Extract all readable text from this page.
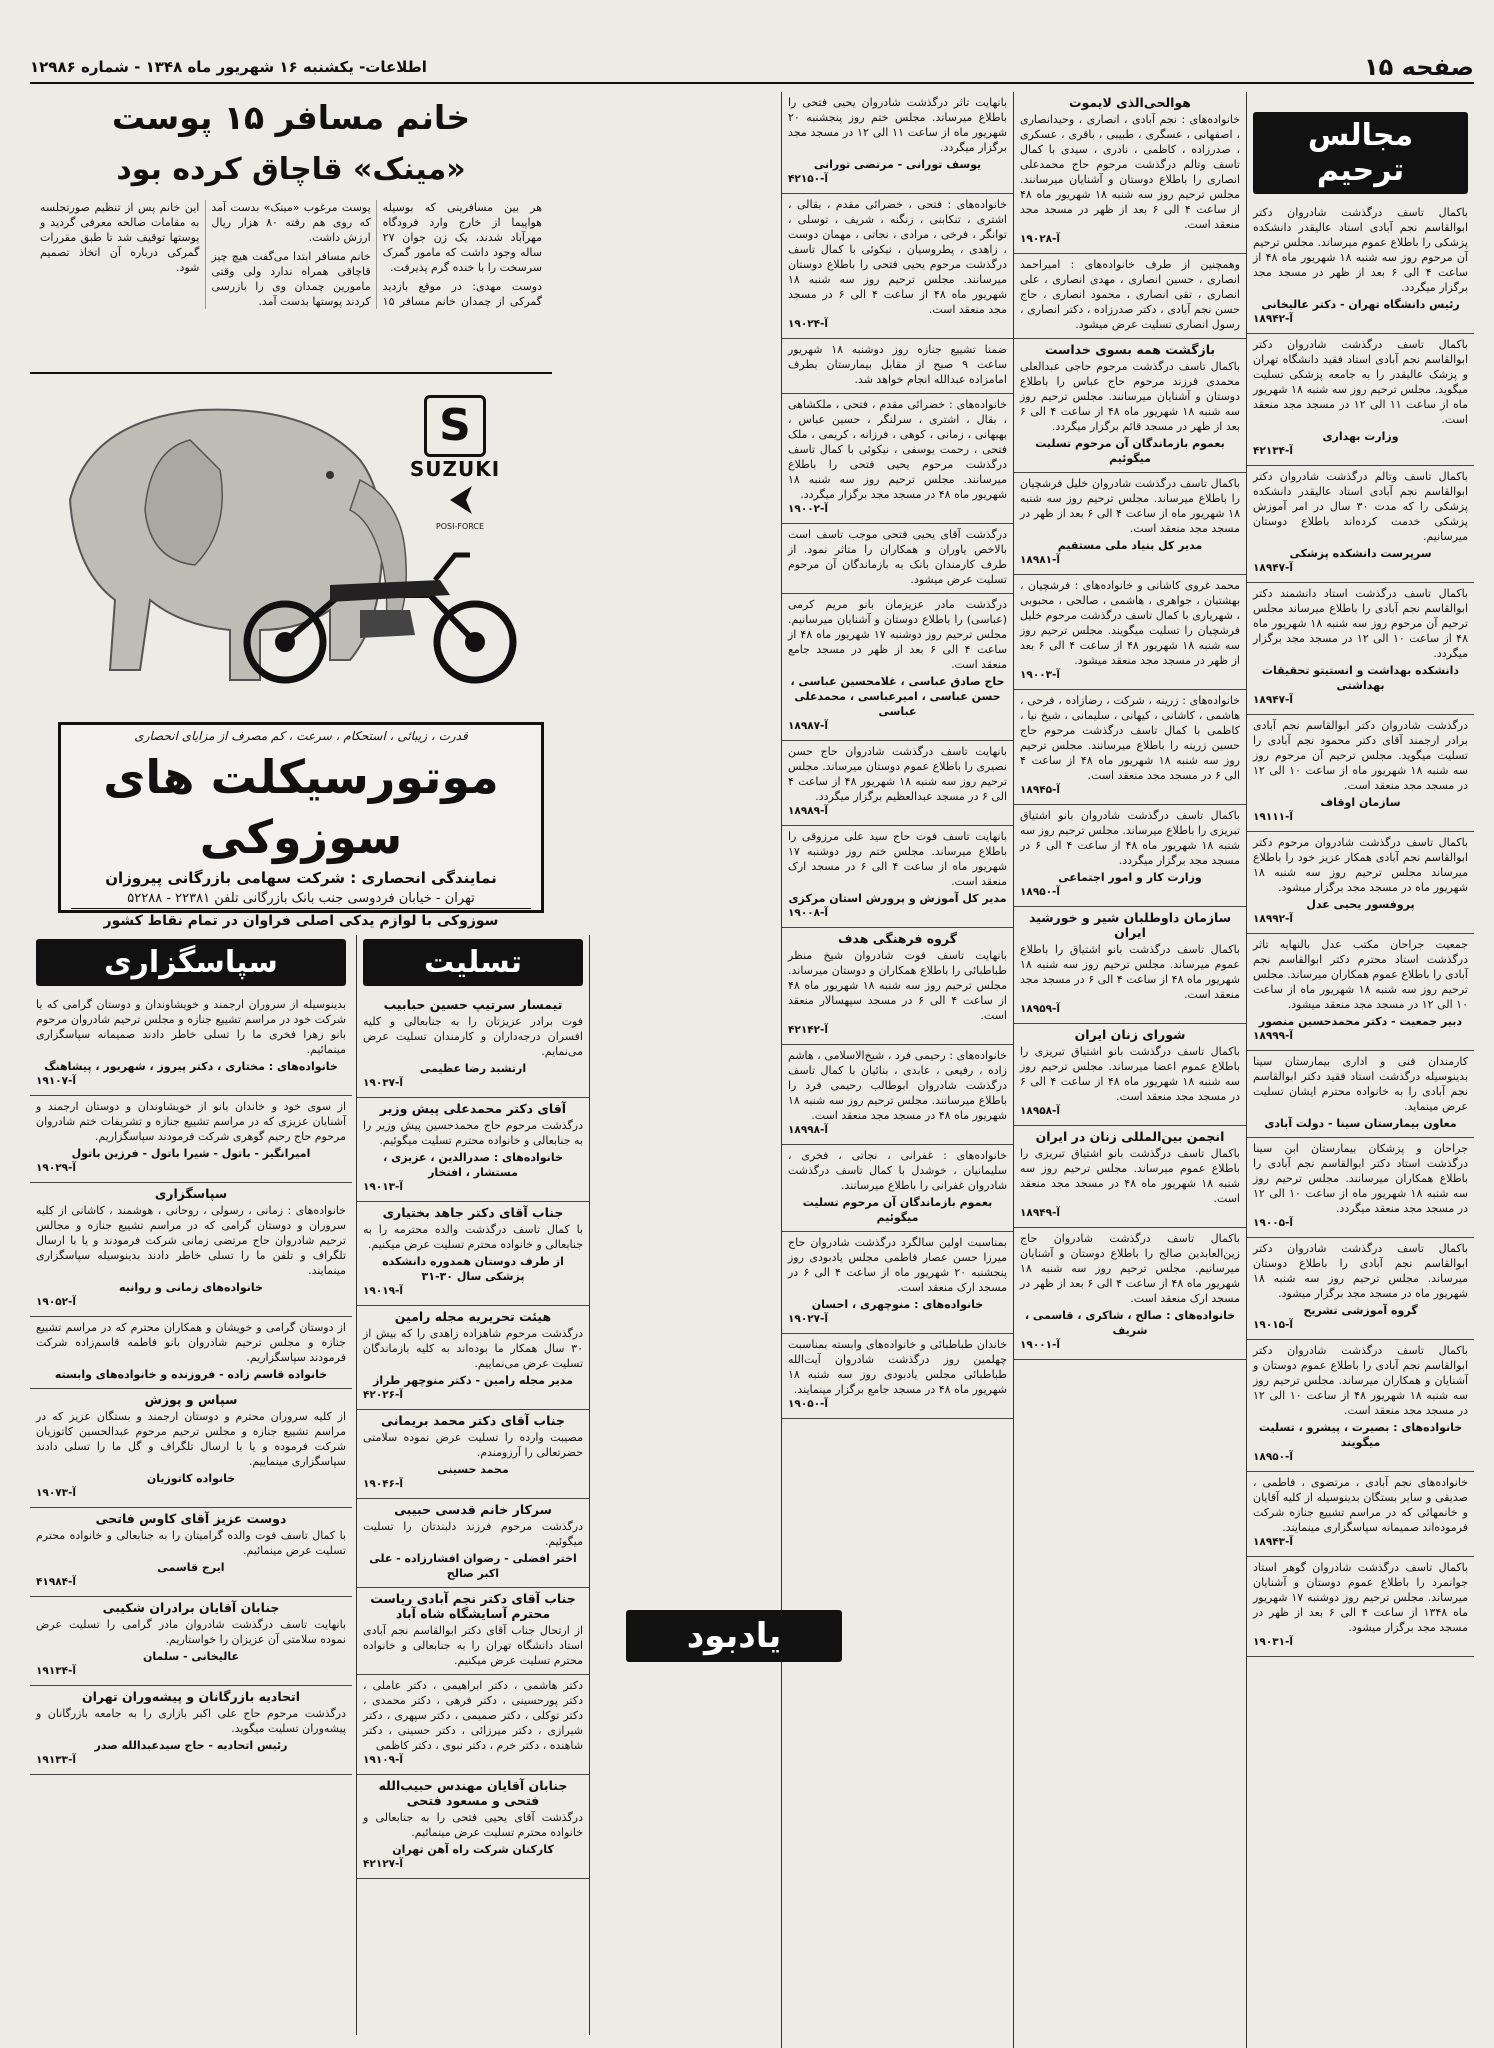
صفحه ۱۵
اطلاعات- یکشنبه ۱۶ شهریور ماه ۱۳۴۸ - شماره ۱۲۹۸۶
مجالس ترحیم
باکمال تاسف درگذشت شادروان دکتر ابوالقاسم نجم آبادی استاد عالیقدر دانشکده پزشکی را باطلاع عموم میرساند. مجلس ترحیم آن مرحوم روز سه شنبه ۱۸ شهریور ماه ۴۸ از ساعت ۴ الی ۶ بعد از ظهر در مسجد مجد برگزار میگردد.
رئیس دانشگاه تهران - دکتر عالیخانی
آ-۱۸۹۴۲
باکمال تاسف درگذشت شادروان دکتر ابوالقاسم نجم آبادی استاد فقید دانشگاه تهران و پزشک عالیقدر را به جامعه پزشکی تسلیت میگوید. مجلس ترحیم روز سه شنبه ۱۸ شهریور ماه از ساعت ۱۱ الی ۱۲ در مسجد مجد منعقد است.
وزارت بهداری
آ-۴۲۱۳۴
باکمال تاسف وتالم درگذشت شادروان دکتر ابوالقاسم نجم آبادی استاد عالیقدر دانشکده پزشکی را که مدت ۳۰ سال در امر آموزش پزشکی خدمت کرده‌اند باطلاع دوستان میرسانیم.
سرپرست دانشکده پزشکی
آ-۱۸۹۴۷
باکمال تاسف درگذشت استاد دانشمند دکتر ابوالقاسم نجم آبادی را باطلاع میرساند مجلس ترحیم آن مرحوم روز سه شنبه ۱۸ شهریور ماه ۴۸ از ساعت ۱۰ الی ۱۲ در مسجد مجد برگزار میگردد.
دانشکده بهداشت و انستیتو تحقیقات بهداشتی
آ-۱۸۹۴۷
درگذشت شادروان دکتر ابوالقاسم نجم آبادی برادر ارجمند آقای دکتر محمود نجم آبادی را تسلیت میگوید. مجلس ترحیم آن مرحوم روز سه شنبه ۱۸ شهریور ماه از ساعت ۱۰ الی ۱۲ در مسجد مجد منعقد است.
سازمان اوقاف
آ-۱۹۱۱۱
باکمال تاسف درگذشت شادروان مرحوم دکتر ابوالقاسم نجم آبادی همکار عزیز خود را باطلاع میرساند مجلس ترحیم روز سه شنبه ۱۸ شهریور ماه در مسجد مجد برگزار میشود.
پروفسور یحیی عدل
آ-۱۸۹۹۲
جمعیت جراحان مکتب عدل بالنهایه تاثر درگذشت استاد محترم دکتر ابوالقاسم نجم آبادی را باطلاع عموم همکاران میرساند. مجلس ترحیم روز سه شنبه ۱۸ شهریور ماه از ساعت ۱۰ الی ۱۲ در مسجد مجد منعقد میشود.
دبیر جمعیت - دکتر محمدحسین منصور
آ-۱۸۹۹۹
کارمندان فنی و اداری بیمارستان سینا بدینوسیله درگذشت استاد فقید دکتر ابوالقاسم نجم آبادی را به خانواده محترم ایشان تسلیت عرض مینماید.
معاون بیمارستان سینا - دولت آبادی
جراحان و پزشکان بیمارستان ابن سینا درگذشت استاد دکتر ابوالقاسم نجم آبادی را باطلاع همکاران میرسانند. مجلس ترحیم روز سه شنبه ۱۸ شهریور ماه از ساعت ۱۰ الی ۱۲ در مسجد مجد منعقد میگردد.
آ-۱۹۰۰۵
باکمال تاسف درگذشت شادروان دکتر ابوالقاسم نجم آبادی را باطلاع دوستان میرساند. مجلس ترحیم روز سه شنبه ۱۸ شهریور ماه در مسجد مجد برگزار میشود.
گروه آموزشی تشریح
آ-۱۹۰۱۵
باکمال تاسف درگذشت شادروان دکتر ابوالقاسم نجم آبادی را باطلاع عموم دوستان و آشنایان و همکاران میرساند. مجلس ترحیم روز سه شنبه ۱۸ شهریور ۴۸ از ساعت ۱۰ الی ۱۲ در مسجد مجد منعقد است.
خانواده‌های : بصیرت ، پیشرو ، تسلیت میگویند
آ-۱۸۹۵۰
خانواده‌های نجم آبادی ، مرتضوی ، فاطمی ، صدیقی و سایر بستگان بدینوسیله از کلیه آقایان و خانمهائی که در مراسم تشییع جنازه شرکت فرموده‌اند صمیمانه سپاسگزاری مینمایند.
آ-۱۸۹۴۳
باکمال تاسف درگذشت شادروان گوهر استاد جوانمرد را باطلاع عموم دوستان و آشنایان میرساند. مجلس ترحیم روز دوشنبه ۱۷ شهریور ماه ۱۳۴۸ از ساعت ۴ الی ۶ بعد از ظهر در مسجد مجد برگزار میشود.
آ-۱۹۰۳۱
هوالحی‌الذی لایموت
خانواده‌های : نجم آبادی ، انصاری ، وحیدانصاری ، اصفهانی ، عسگری ، طبیبی ، باقری ، عسکری ، صدرزاده ، کاظمی ، نادری ، سیدی با کمال تاسف وتالم درگذشت مرحوم حاج محمدعلی انصاری را باطلاع دوستان و آشنایان میرسانند. مجلس ترحیم روز سه شنبه ۱۸ شهریور ماه ۴۸ از ساعت ۴ الی ۶ بعد از ظهر در مسجد مجد منعقد است.
آ-۱۹۰۲۸
وهمچنین از طرف خانواده‌های : امیراحمد انصاری ، حسین انصاری ، مهدی انصاری ، علی انصاری ، تقی انصاری ، محمود انصاری ، حاج حسن نجم آبادی ، دکتر صدرزاده ، دکتر انصاری ، رسول انصاری تسلیت عرض میشود.
بازگشت همه بسوی خداست
باکمال تاسف درگذشت مرحوم حاجی عبدالعلی محمدی فرزند مرحوم حاج عباس را باطلاع دوستان و آشنایان میرسانند. مجلس ترحیم روز سه شنبه ۱۸ شهریور ماه ۴۸ از ساعت ۴ الی ۶ بعد از ظهر در مسجد قائم برگزار میگردد.
بعموم بازماندگان آن مرحوم تسلیت میگوئیم
باکمال تاسف درگذشت شادروان خلیل فرشچیان را باطلاع میرساند. مجلس ترحیم روز سه شنبه ۱۸ شهریور ماه از ساعت ۴ الی ۶ بعد از ظهر در مسجد مجد منعقد است.
مدیر کل بنیاد ملی مستقیم
آ-۱۸۹۸۱
محمد غروی کاشانی و خانواده‌های : فرشچیان ، بهشتیان ، جواهری ، هاشمی ، صالحی ، محبوبی ، شهریاری با کمال تاسف درگذشت مرحوم خلیل فرشچیان را تسلیت میگویند. مجلس ترحیم روز سه شنبه ۱۸ شهریور ۴۸ از ساعت ۴ الی ۶ بعد از ظهر در مسجد مجد منعقد میشود.
آ-۱۹۰۰۳
خانواده‌های : زرینه ، شرکت ، رضازاده ، فرحی ، هاشمی ، کاشانی ، کیهانی ، سلیمانی ، شیخ نیا ، کاظمی با کمال تاسف درگذشت مرحوم حاج حسین زرینه را باطلاع میرسانند. مجلس ترحیم روز سه شنبه ۱۸ شهریور ماه ۴۸ از ساعت ۴ الی ۶ در مسجد مجد منعقد است.
آ-۱۸۹۴۵
باکمال تاسف درگذشت شادروان بانو اشتیاق تبریزی را باطلاع میرساند. مجلس ترحیم روز سه شنبه ۱۸ شهریور ماه ۴۸ از ساعت ۴ الی ۶ در مسجد مجد برگزار میگردد.
وزارت کار و امور اجتماعی
آ-۱۸۹۵۰
سازمان داوطلبان شیر و خورشید ایران
باکمال تاسف درگذشت بانو اشتیاق را باطلاع عموم میرساند. مجلس ترحیم روز سه شنبه ۱۸ شهریور ماه ۴۸ از ساعت ۴ الی ۶ در مسجد مجد منعقد است.
آ-۱۸۹۵۹
شورای زنان ایران
باکمال تاسف درگذشت بانو اشتیاق تبریزی را باطلاع عموم اعضا میرساند. مجلس ترحیم روز سه شنبه ۱۸ شهریور ماه ۴۸ از ساعت ۴ الی ۶ در مسجد مجد منعقد است.
آ-۱۸۹۵۸
انجمن بین‌المللی زنان در ایران
باکمال تاسف درگذشت بانو اشتیاق تبریزی را باطلاع عموم میرساند. مجلس ترحیم روز سه شنبه ۱۸ شهریور ماه ۴۸ در مسجد مجد منعقد است.
آ-۱۸۹۴۹
باکمال تاسف درگذشت شادروان حاج زین‌العابدین صالح را باطلاع دوستان و آشنایان میرسانیم. مجلس ترحیم روز سه شنبه ۱۸ شهریور ماه ۴۸ از ساعت ۴ الی ۶ بعد از ظهر در مسجد ارک منعقد است.
خانواده‌های : صالح ، شاکری ، قاسمی ، شریف
آ-۱۹۰۰۱
بانهایت تاثر درگذشت شادروان یحیی فتحی را باطلاع میرساند. مجلس ختم روز پنجشنبه ۲۰ شهریور ماه از ساعت ۱۱ الی ۱۲ در مسجد مجد برگزار میگردد.
یوسف تورانی - مرتضی تورانی
آ-۴۲۱۵۰
خانواده‌های : فتحی ، خضرائی مقدم ، بقالی ، اشتری ، تنکابنی ، زنگنه ، شریف ، توسلی ، توانگر ، فرخی ، مرادی ، نجاتی ، مهمان دوست ، زاهدی ، پطروسیان ، نیکوئی با کمال تاسف درگذشت مرحوم یحیی فتحی را باطلاع دوستان میرسانند. مجلس ترحیم روز سه شنبه ۱۸ شهریور ماه ۴۸ از ساعت ۴ الی ۶ در مسجد مجد منعقد است.
آ-۱۹۰۲۴
ضمنا تشییع جنازه روز دوشنبه ۱۸ شهریور ساعت ۹ صبح از مقابل بیمارستان بطرف امامزاده عبدالله انجام خواهد شد.
خانواده‌های : خضرائی مقدم ، فتحی ، ملکشاهی ، بقال ، اشتری ، سرلنگر ، حسین عباس ، بهبهانی ، زمانی ، کوهی ، فرزانه ، کریمی ، ملک فتحی ، رحمت یوسفی ، نیکوئی با کمال تاسف درگذشت مرحوم یحیی فتحی را باطلاع میرسانند. مجلس ترحیم روز سه شنبه ۱۸ شهریور ماه ۴۸ در مسجد مجد برگزار میگردد.
آ-۱۹۰۰۲
درگذشت آقای یحیی فتحی موجب تاسف است بالاخص یاوران و همکاران را متاثر نمود. از طرف کارمندان بانک به بازماندگان آن مرحوم تسلیت عرض میشود.
درگذشت مادر عزیزمان بانو مریم کرمی (عباسی) را باطلاع دوستان و آشنایان میرسانیم. مجلس ترحیم روز دوشنبه ۱۷ شهریور ماه ۴۸ از ساعت ۴ الی ۶ بعد از ظهر در مسجد جامع منعقد است.
حاج صادق عباسی ، غلامحسین عباسی ، حسن عباسی ، امیرعباسی ، محمدعلی عباسی
آ-۱۸۹۸۷
بانهایت تاسف درگذشت شادروان حاج حسن نصیری را باطلاع عموم دوستان میرساند. مجلس ترحیم روز سه شنبه ۱۸ شهریور ۴۸ از ساعت ۴ الی ۶ در مسجد عبدالعظیم برگزار میگردد.
آ-۱۸۹۸۹
بانهایت تاسف فوت حاج سید علی مرزوقی را باطلاع میرساند. مجلس ختم روز دوشنبه ۱۷ شهریور ماه از ساعت ۴ الی ۶ در مسجد ارک منعقد است.
مدیر کل آموزش و پرورش استان مرکزی
آ-۱۹۰۰۸
گروه فرهنگی هدف
بانهایت تاسف فوت شادروان شیخ منظر طباطبائی را باطلاع همکاران و دوستان میرساند. مجلس ترحیم روز سه شنبه ۱۸ شهریور ماه ۴۸ از ساعت ۴ الی ۶ در مسجد سپهسالار منعقد است.
آ-۴۲۱۴۲
خانواده‌های : رحیمی فرد ، شیخ‌الاسلامی ، هاشم زاده ، رفیعی ، عابدی ، بنائیان با کمال تاسف درگذشت شادروان ابوطالب رحیمی فرد را باطلاع میرسانند. مجلس ترحیم روز سه شنبه ۱۸ شهریور ماه ۴۸ در مسجد مجد منعقد است.
آ-۱۸۹۹۸
خانواده‌های : غفرانی ، نجاتی ، فخری ، سلیمانیان ، خوشدل با کمال تاسف درگذشت شادروان غفرانی را باطلاع میرسانند.
بعموم بازماندگان آن مرحوم تسلیت میگوئیم
بمناسبت اولین سالگرد درگذشت شادروان حاج میرزا حسن عصار فاطمی مجلس یادبودی روز پنجشنبه ۲۰ شهریور ماه از ساعت ۴ الی ۶ در مسجد ارک منعقد است.
خانواده‌های : منوچهری ، احسان
آ-۱۹۰۲۷
خاندان طباطبائی و خانواده‌های وابسته بمناسبت چهلمین روز درگذشت شادروان آیت‌الله طباطبائی مجلس یادبودی روز سه شنبه ۱۸ شهریور ماه ۴۸ در مسجد جامع برگزار مینمایند.
آ-۱۹۰۵۰
خانم مسافر ۱۵ پوست
«مینک» قاچاق کرده بود

هر بین مسافرینی که بوسیله هواپیما از خارج وارد فرودگاه مهرآباد شدند، یک زن جوان ۲۷ ساله وجود داشت که مامور گمرک سرسخت را با خنده گرم پذیرفت.

دوست مهدی: در موقع بازدید گمرکی از چمدان خانم مسافر ۱۵ پوست مرغوب «مینک» بدست آمد که روی هم رفته ۸۰ هزار ریال ارزش داشت.

خانم مسافر ابتدا می‌گفت هیچ چیز قاچاقی همراه ندارد ولی وقتی مامورین چمدان وی را بازرسی کردند پوستها بدست آمد.

این خانم پس از تنظیم صورتجلسه به مقامات صالحه معرفی گردید و پوستها توقیف شد تا طبق مقررات گمرکی درباره آن اتخاذ تصمیم شود.

S
SUZUKI
POSI-FORCE
قدرت ، زیبائی ، استحکام ، سرعت ، کم مصرف از مزایای انحصاری
موتورسیکلت های سوزوکی
نمایندگی انحصاری : شرکت سهامی بازرگانی پیروزان
تهران - خیابان فردوسی جنب بانک بازرگانی تلفن ۲۲۳۸۱ - ۵۲۲۸۸
سوزوکی با لوازم یدکی اصلی فراوان در تمام نقاط کشور
تسلیت
تیمسار سرتیپ حسین حبابیب
فوت برادر عزیزتان را به جنابعالی و کلیه افسران درجه‌داران و کارمندان تسلیت عرض می‌نمایم.
ارتشبد رضا عظیمی
آ-۱۹۰۳۷
آقای دکتر محمدعلی پیش وزیر
درگذشت مرحوم حاج محمدحسین پیش وزیر را به جنابعالی و خانواده محترم تسلیت میگوئیم.
خانواده‌های : صدرالدین ، عزیزی ، مستشار ، افتخار
آ-۱۹۰۱۳
جناب آقای دکتر جاهد بختیاری
با کمال تاسف درگذشت والده محترمه را به جنابعالی و خانواده محترم تسلیت عرض میکنیم.
از طرف دوستان همدوره دانشکده پزشکی سال ۳۰-۳۱
آ-۱۹۰۱۹
هیئت تحریریه مجله رامین
درگذشت مرحوم شاهزاده زاهدی را که بیش از ۳۰ سال همکار ما بوده‌اند به کلیه بازماندگان تسلیت عرض می‌نماییم.
مدیر مجله رامین - دکتر منوچهر طراز
آ-۴۲۰۲۶
جناب آقای دکتر محمد بریمانی
مصیبت وارده را تسلیت عرض نموده سلامتی حضرتعالی را آرزومندم.
محمد حسینی
آ-۱۹۰۴۶
سرکار خانم قدسی حبیبی
درگذشت مرحوم فرزند دلبندتان را تسلیت میگوئیم.
اختر افضلی - رضوان افشارزاده - علی اکبر صالح
جناب آقای دکتر نجم آبادی ریاست محترم آسایشگاه شاه آباد
از ارتحال جناب آقای دکتر ابوالقاسم نجم آبادی استاد دانشگاه تهران را به جنابعالی و خانواده محترم تسلیت عرض میکنیم.
دکتر هاشمی ، دکتر ابراهیمی ، دکتر عاملی ، دکتر پورحسینی ، دکتر فرهی ، دکتر محمدی ، دکتر توکلی ، دکتر صمیمی ، دکتر سپهری ، دکتر شیرازی ، دکتر میرزائی ، دکتر حسینی ، دکتر شاهنده ، دکتر خرم ، دکتر نبوی ، دکتر کاظمی
آ-۱۹۱۰۹
جنابان آقایان مهندس حبیب‌الله فتحی و مسعود فتحی
درگذشت آقای یحیی فتحی را به جنابعالی و خانواده محترم تسلیت عرض مینمائیم.
کارکنان شرکت راه آهن تهران
آ-۴۲۱۲۷
سپاسگزاری
بدینوسیله از سروران ارجمند و خویشاوندان و دوستان گرامی که با شرکت خود در مراسم تشییع جنازه و مجلس ترحیم شادروان مرحوم بانو زهرا فخری ما را تسلی خاطر دادند صمیمانه سپاسگزاری مینمائیم.
خانواده‌های : مختاری ، دکتر پیروز ، شهریور ، پیشاهنگ
آ-۱۹۱۰۷
از سوی خود و خاندان بانو از خویشاوندان و دوستان ارجمند و آشنایان عزیزی که در مراسم تشییع جنازه و تشریفات ختم شادروان مرحوم حاج رحیم گوهری شرکت فرمودند سپاسگزاریم.
امیرانگیز - باتول - شیرا باتول - فرزین باتول
آ-۱۹۰۲۹
سپاسگزاری
خانواده‌های : زمانی ، رسولی ، روحانی ، هوشمند ، کاشانی از کلیه سروران و دوستان گرامی که در مراسم تشییع جنازه و مجالس ترحیم شادروان حاج مرتضی زمانی شرکت فرمودند و یا با ارسال تلگراف و تلفن ما را تسلی خاطر دادند بدینوسیله سپاسگزاری مینمایند.
خانواده‌های زمانی و روانیه
آ-۱۹۰۵۲
از دوستان گرامی و خویشان و همکاران محترم که در مراسم تشییع جنازه و مجلس ترحیم شادروان بانو فاطمه قاسم‌زاده شرکت فرمودند سپاسگزاریم.
خانواده قاسم زاده - فروزنده و خانواده‌های وابسته
سپاس و پوزش
از کلیه سروران محترم و دوستان ارجمند و بستگان عزیز که در مراسم تشییع جنازه و مجلس ترحیم مرحوم عبدالحسین کاتوزیان شرکت فرموده و یا با ارسال تلگراف و گل ما را تسلی دادند سپاسگزاری مینماییم.
خانواده کاتوزیان
آ-۱۹۰۷۳
دوست عزیز آقای کاوس فاتحی
با کمال تاسف فوت والده گرامیتان را به جنابعالی و خانواده محترم تسلیت عرض مینمائیم.
ایرج قاسمی
آ-۴۱۹۸۴
جنابان آقایان برادران شکیبی
بانهایت تاسف درگذشت شادروان مادر گرامی را تسلیت عرض نموده سلامتی آن عزیزان را خواستاریم.
عالیخانی - سلمان
آ-۱۹۱۳۴
اتحادیه بازرگانان و پیشه‌وران تهران
درگذشت مرحوم حاج علی اکبر بازاری را به جامعه بازرگانان و پیشه‌وران تسلیت میگوید.
رئیس اتحادیه - حاج سیدعبدالله صدر
آ-۱۹۱۳۳
یادبود
